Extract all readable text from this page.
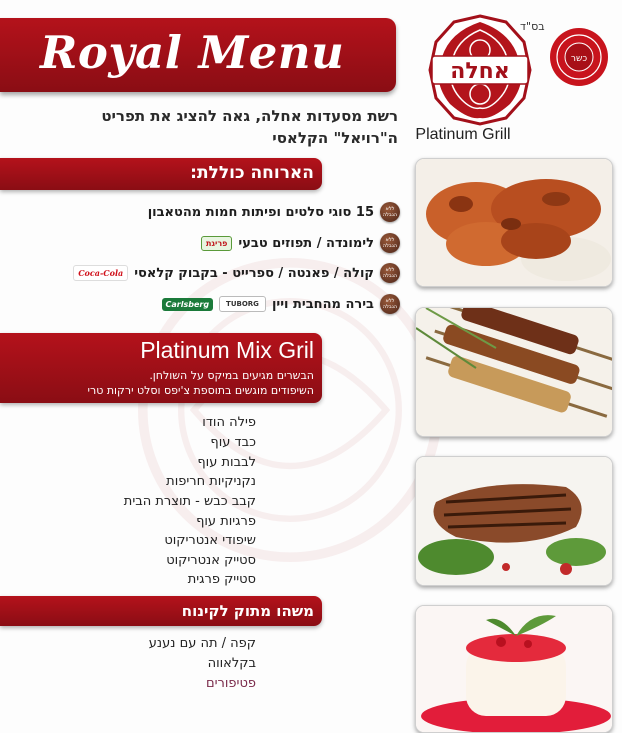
Royal Menu
רשת מסעדות אחלה, גאה להציג את תפריט
ה"רויאל" הקלאסי
הארוחה כוללת:
ללא הגבלה
15 סוגי סלטים ופיתות חמות מהטאבון
ללא הגבלה
לימונדה / תפוזים טבעי
פריגת
ללא הגבלה
קולה / פאנטה / ספרייט - בקבוק קלאסי
Coca-Cola
ללא הגבלה
בירה מהחבית ויין
TUBORG
Carlsberg
Platinum Mix Gril
הבשרים מגיעים במיקס על השולחן.
השיפודים מוגשים בתוספת צ'יפס וסלט ירקות טרי
פילה הודו
כבד עוף
לבבות עוף
נקניקיות חריפות
קבב כבש - תוצרת הבית
פרגיות עוף
שיפודי אנטריקוט
סטייק אנטריקוט
סטייק פרגית
משהו מתוק לקינוח
קפה / תה עם נענע
בקלאווה
פטיפורים
בס"ד
כשר
אחלה
Platinum Grill
